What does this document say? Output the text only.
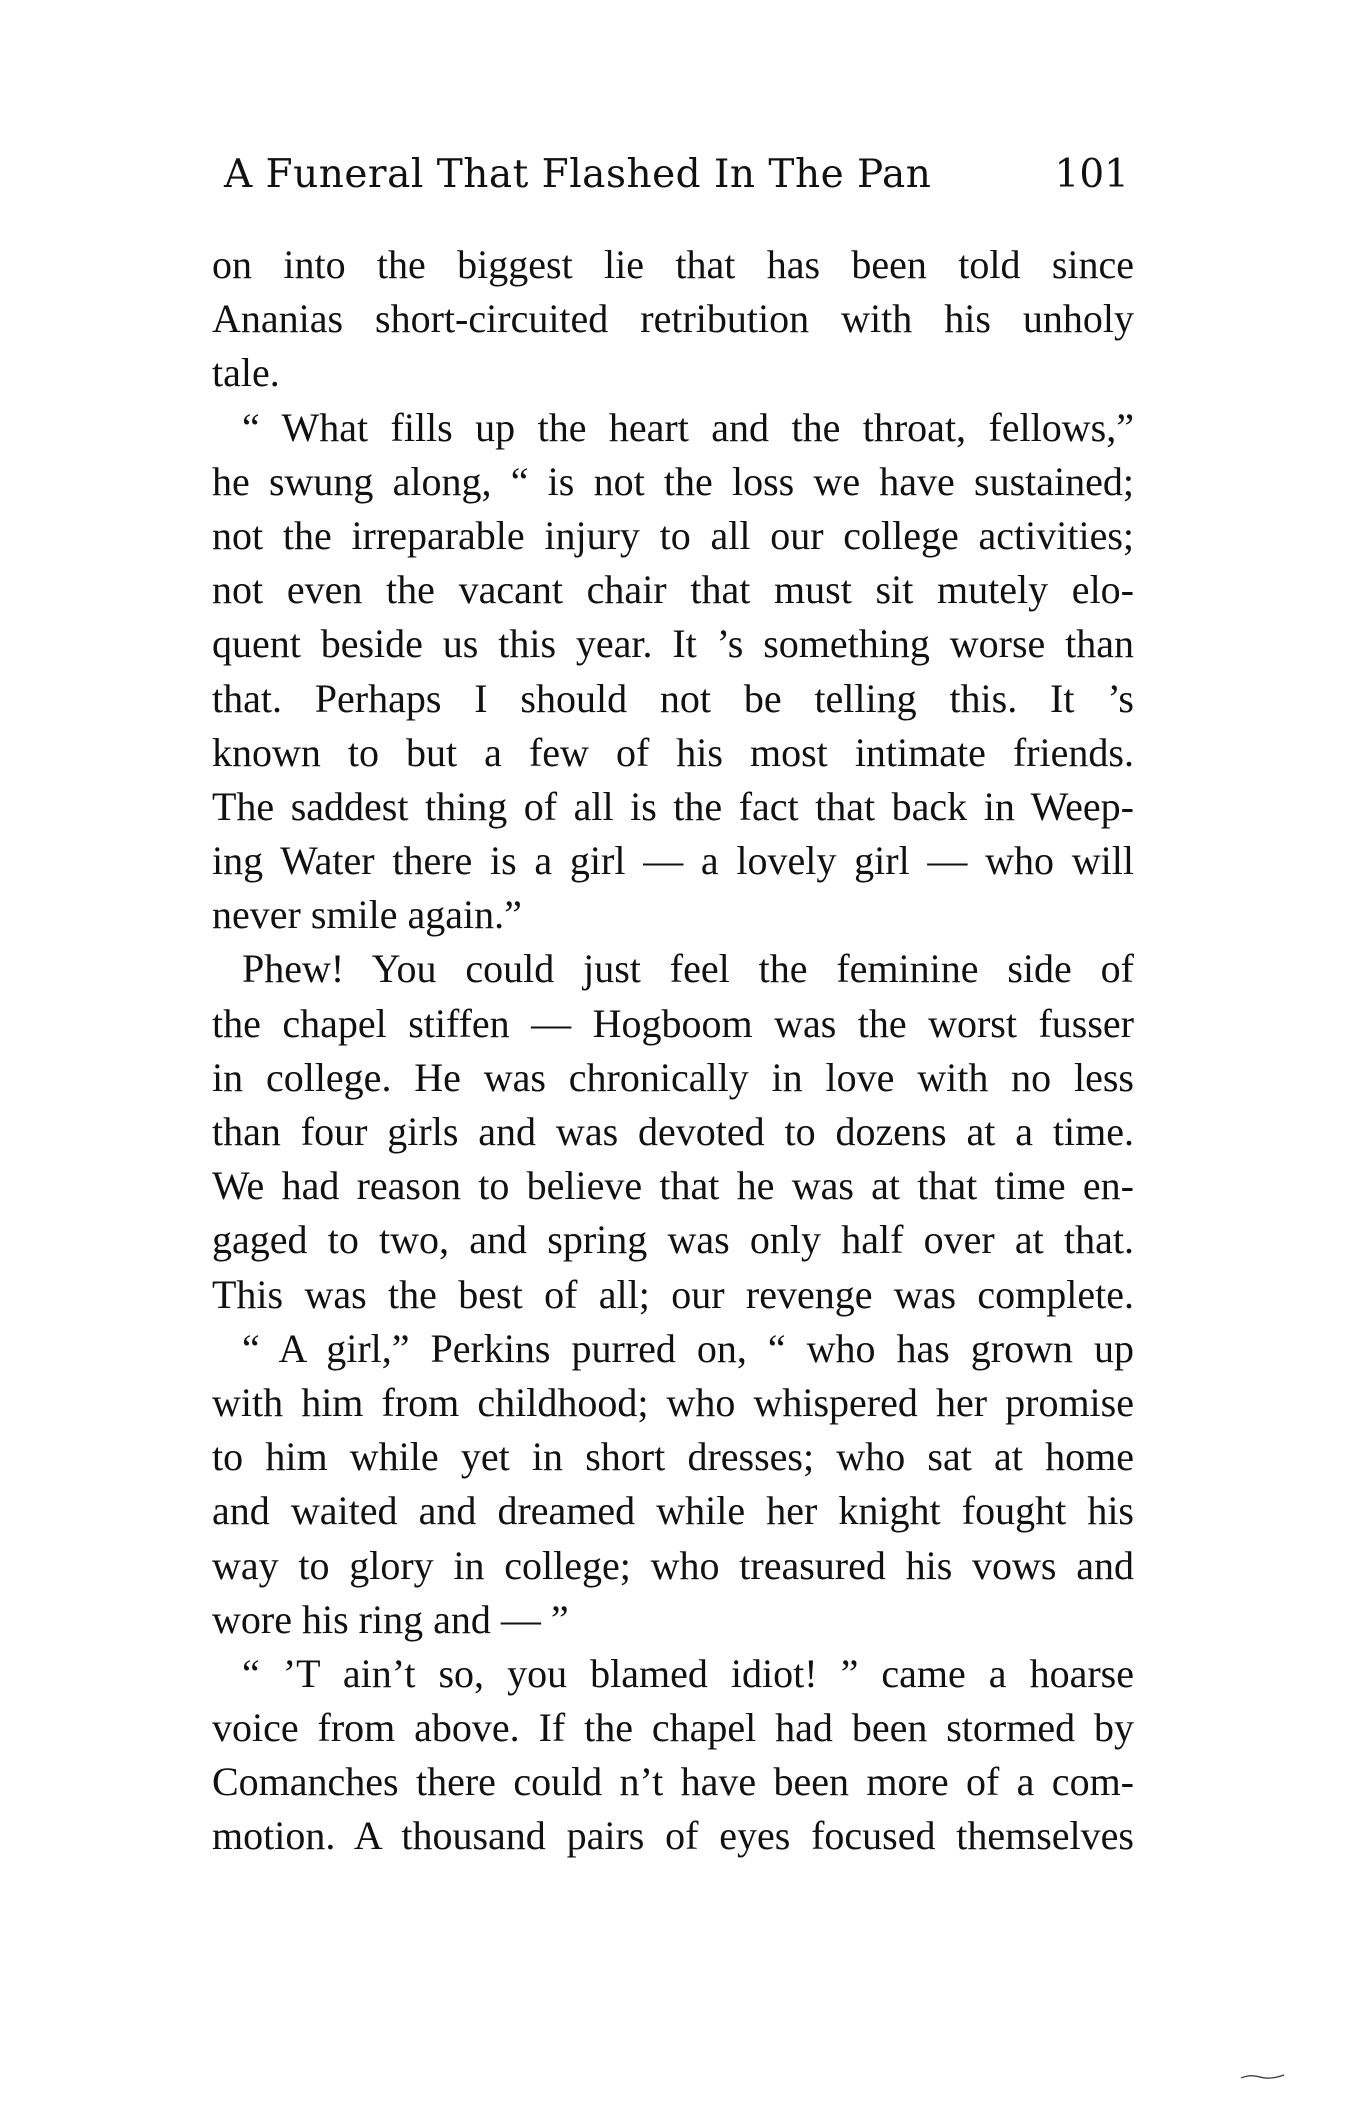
A Funeral That Flashed In The Pan	101
on into the biggest lie that has been told since
Ananias short-circuited retribution with his unholy
tale.
“ What fills up the heart and the throat, fellows,”
he swung along, “ is not the loss we have sustained;
not the irreparable injury to all our college activities;
not even the vacant chair that must sit mutely elo-
quent beside us this year. It ’s something worse than
that. Perhaps I should not be telling this. It ’s
known to but a few of his most intimate friends.
The saddest thing of all is the fact that back in Weep-
ing Water there is a girl — a lovely girl — who will
never smile again.”
Phew! You could just feel the feminine side of
the chapel stiffen — Hogboom was the worst fusser
in college. He was chronically in love with no less
than four girls and was devoted to dozens at a time.
We had reason to believe that he was at that time en-
gaged to two, and spring was only half over at that.
This was the best of all; our revenge was complete.
“ A girl,” Perkins purred on, “ who has grown up
with him from childhood; who whispered her promise
to him while yet in short dresses; who sat at home
and waited and dreamed while her knight fought his
way to glory in college; who treasured his vows and
wore his ring and — ”
“ ’T ain’t so, you blamed idiot! ” came a hoarse
voice from above. If the chapel had been stormed by
Comanches there could n’t have been more of a com-
motion. A thousand pairs of eyes focused themselves
